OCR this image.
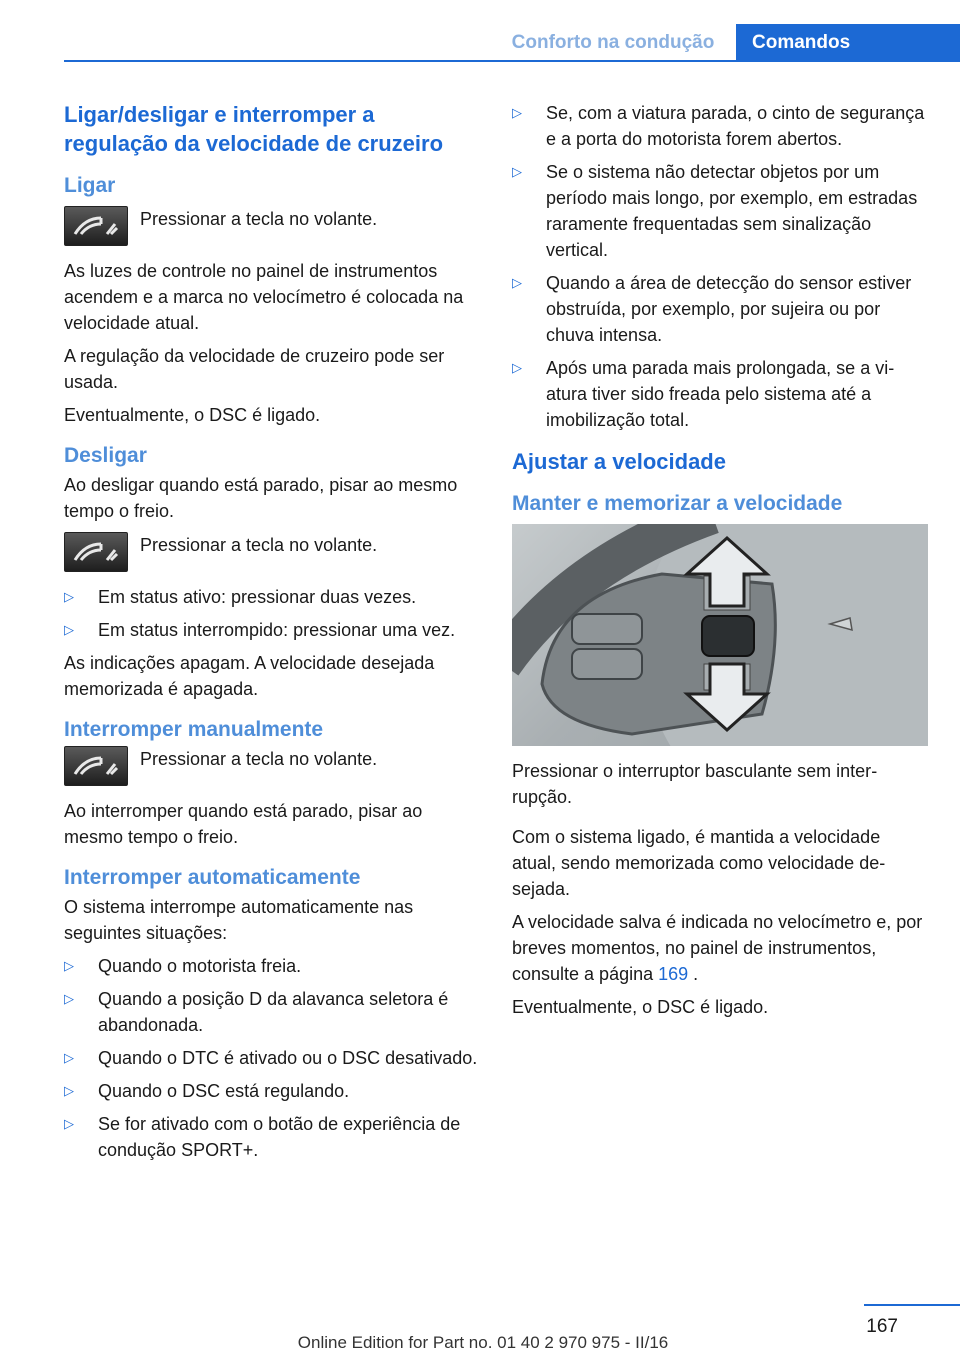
Conforto na condução	Comandos
Ligar/desligar e interromper a regulação da velocidade de cruzeiro
Ligar

Pressionar a tecla no volante.

As luzes de controle no painel de instrumentos acendem e a marca no velocímetro é colocada na velocidade atual.

A regulação da velocidade de cruzeiro pode ser usada.

Eventualmente, o DSC é ligado.

Desligar

Ao desligar quando está parado, pisar ao mesmo tempo o freio.

Pressionar a tecla no volante.

▷	Em status ativo: pressionar duas vezes.
▷	Em status interrompido: pressionar uma vez.

As indicações apagam. A velocidade desejada memorizada é apagada.

Interromper manualmente

Pressionar a tecla no volante.

Ao interromper quando está parado, pisar ao mesmo tempo o freio.

Interromper automaticamente

O sistema interrompe automaticamente nas seguintes situações:

▷	Quando o motorista freia.
▷	Quando a posição D da alavanca seletora é abandonada.
▷	Quando o DTC é ativado ou o DSC desativado.
▷	Quando o DSC está regulando.
▷	Se for ativado com o botão de experiência de condução SPORT+.
▷	Se, com a viatura parada, o cinto de segurança e a porta do motorista forem abertos.
▷	Se o sistema não detectar objetos por um período mais longo, por exemplo, em estradas raramente frequentadas sem sinalização vertical.
▷	Quando a área de detecção do sensor estiver obstruída, por exemplo, por sujeira ou por chuva intensa.
▷	Após uma parada mais prolongada, se a viatura tiver sido freada pelo sistema até a imobilização total.
Ajustar a velocidade
Manter e memorizar a velocidade

Pressionar o interruptor basculante sem interrupção.

Com o sistema ligado, é mantida a velocidade atual, sendo memorizada como velocidade desejada.

A velocidade salva é indicada no velocímetro e, por breves momentos, no painel de instrumentos, consulte a página 169 .

Eventualmente, o DSC é ligado.

167
Online Edition for Part no. 01 40 2 970 975 - II/16
